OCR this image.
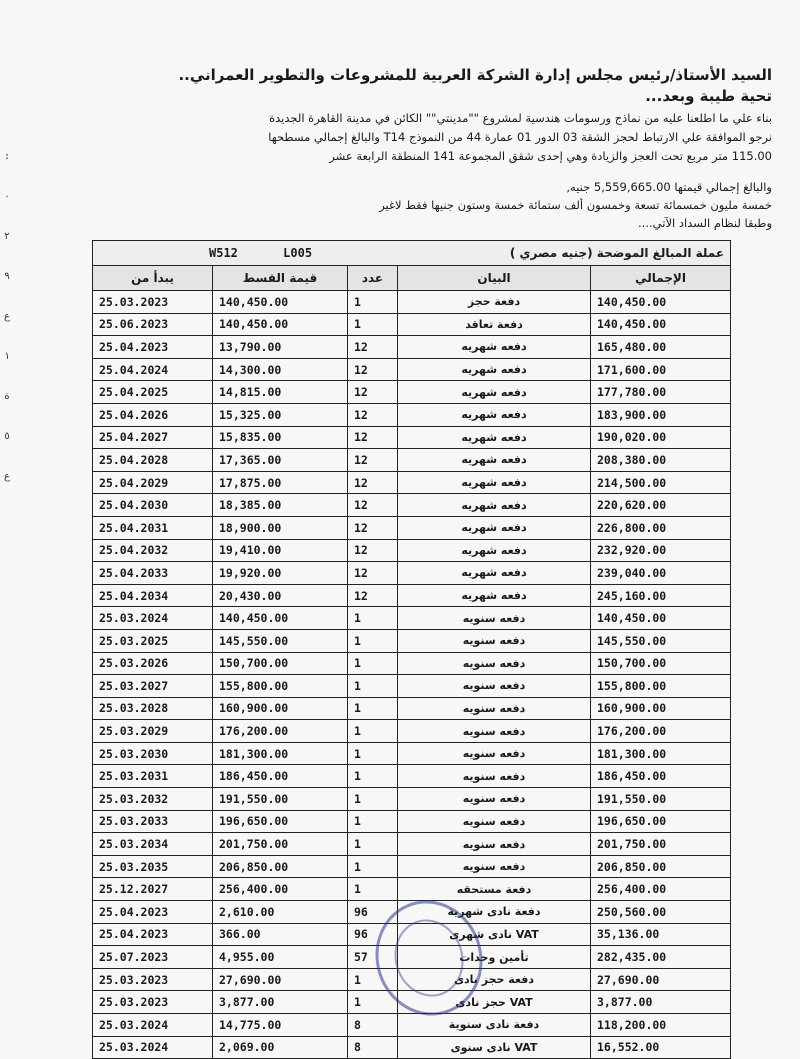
:
٠
٢
٩
ع
١
ة
٥
ع
السيد الأستاذ/رئيس مجلس إدارة الشركة العربية للمشروعات والتطوير العمراني..
تحية طيبة وبعد...
بناء علي ما اطلعنا عليه من نماذج ورسومات هندسية لمشروع ""مدينتي"" الكائن في مدينة القاهرة الجديدة
نرجو الموافقة علي الارتباط لحجز الشقة 03 الدور 01 عمارة 44 من النموذج T14 والبالغ إجمالي مسطحها
115.00 متر مربع تحت العجز والزيادة وهي إحدى شقق المجموعة 141 المنطقة الرابعة عشر
والبالغ إجمالي قيمتها 5,559,665.00 جنيه,
خمسة مليون خمسمائة تسعة وخمسون ألف ستمائة خمسة وستون جنيها فقط لاغير
وطبقا لنظام السداد الآتي....
W512 L005 عملة المبالغ الموضحة (جنيه مصري )				

يبدأ من	قيمة القسط	عدد	البيان	الإجمالي
25.03.2023	140,450.00	1	دفعة حجز	140,450.00
25.06.2023	140,450.00	1	دفعة تعاقد	140,450.00
25.04.2023	13,790.00	12	دفعه شهريه	165,480.00
25.04.2024	14,300.00	12	دفعه شهريه	171,600.00
25.04.2025	14,815.00	12	دفعه شهريه	177,780.00
25.04.2026	15,325.00	12	دفعه شهريه	183,900.00
25.04.2027	15,835.00	12	دفعه شهريه	190,020.00
25.04.2028	17,365.00	12	دفعه شهريه	208,380.00
25.04.2029	17,875.00	12	دفعه شهريه	214,500.00
25.04.2030	18,385.00	12	دفعه شهريه	220,620.00
25.04.2031	18,900.00	12	دفعه شهريه	226,800.00
25.04.2032	19,410.00	12	دفعه شهريه	232,920.00
25.04.2033	19,920.00	12	دفعه شهريه	239,040.00
25.04.2034	20,430.00	12	دفعه شهريه	245,160.00
25.03.2024	140,450.00	1	دفعه سنويه	140,450.00
25.03.2025	145,550.00	1	دفعه سنويه	145,550.00
25.03.2026	150,700.00	1	دفعه سنويه	150,700.00
25.03.2027	155,800.00	1	دفعه سنويه	155,800.00
25.03.2028	160,900.00	1	دفعه سنويه	160,900.00
25.03.2029	176,200.00	1	دفعه سنويه	176,200.00
25.03.2030	181,300.00	1	دفعه سنويه	181,300.00
25.03.2031	186,450.00	1	دفعه سنويه	186,450.00
25.03.2032	191,550.00	1	دفعه سنويه	191,550.00
25.03.2033	196,650.00	1	دفعه سنويه	196,650.00
25.03.2034	201,750.00	1	دفعه سنويه	201,750.00
25.03.2035	206,850.00	1	دفعه سنويه	206,850.00
25.12.2027	256,400.00	1	دفعة مستحقه	256,400.00
25.04.2023	2,610.00	96	دفعة نادى شهرية	250,560.00
25.04.2023	366.00	96	VAT نادى شهرى	35,136.00
25.07.2023	4,955.00	57	تأمين وحدات	282,435.00
25.03.2023	27,690.00	1	دفعة حجز نادى	27,690.00
25.03.2023	3,877.00	1	VAT حجز نادى	3,877.00
25.03.2024	14,775.00	8	دفعة نادى سنوية	118,200.00
25.03.2024	2,069.00	8	VAT نادى سنوى	16,552.00
